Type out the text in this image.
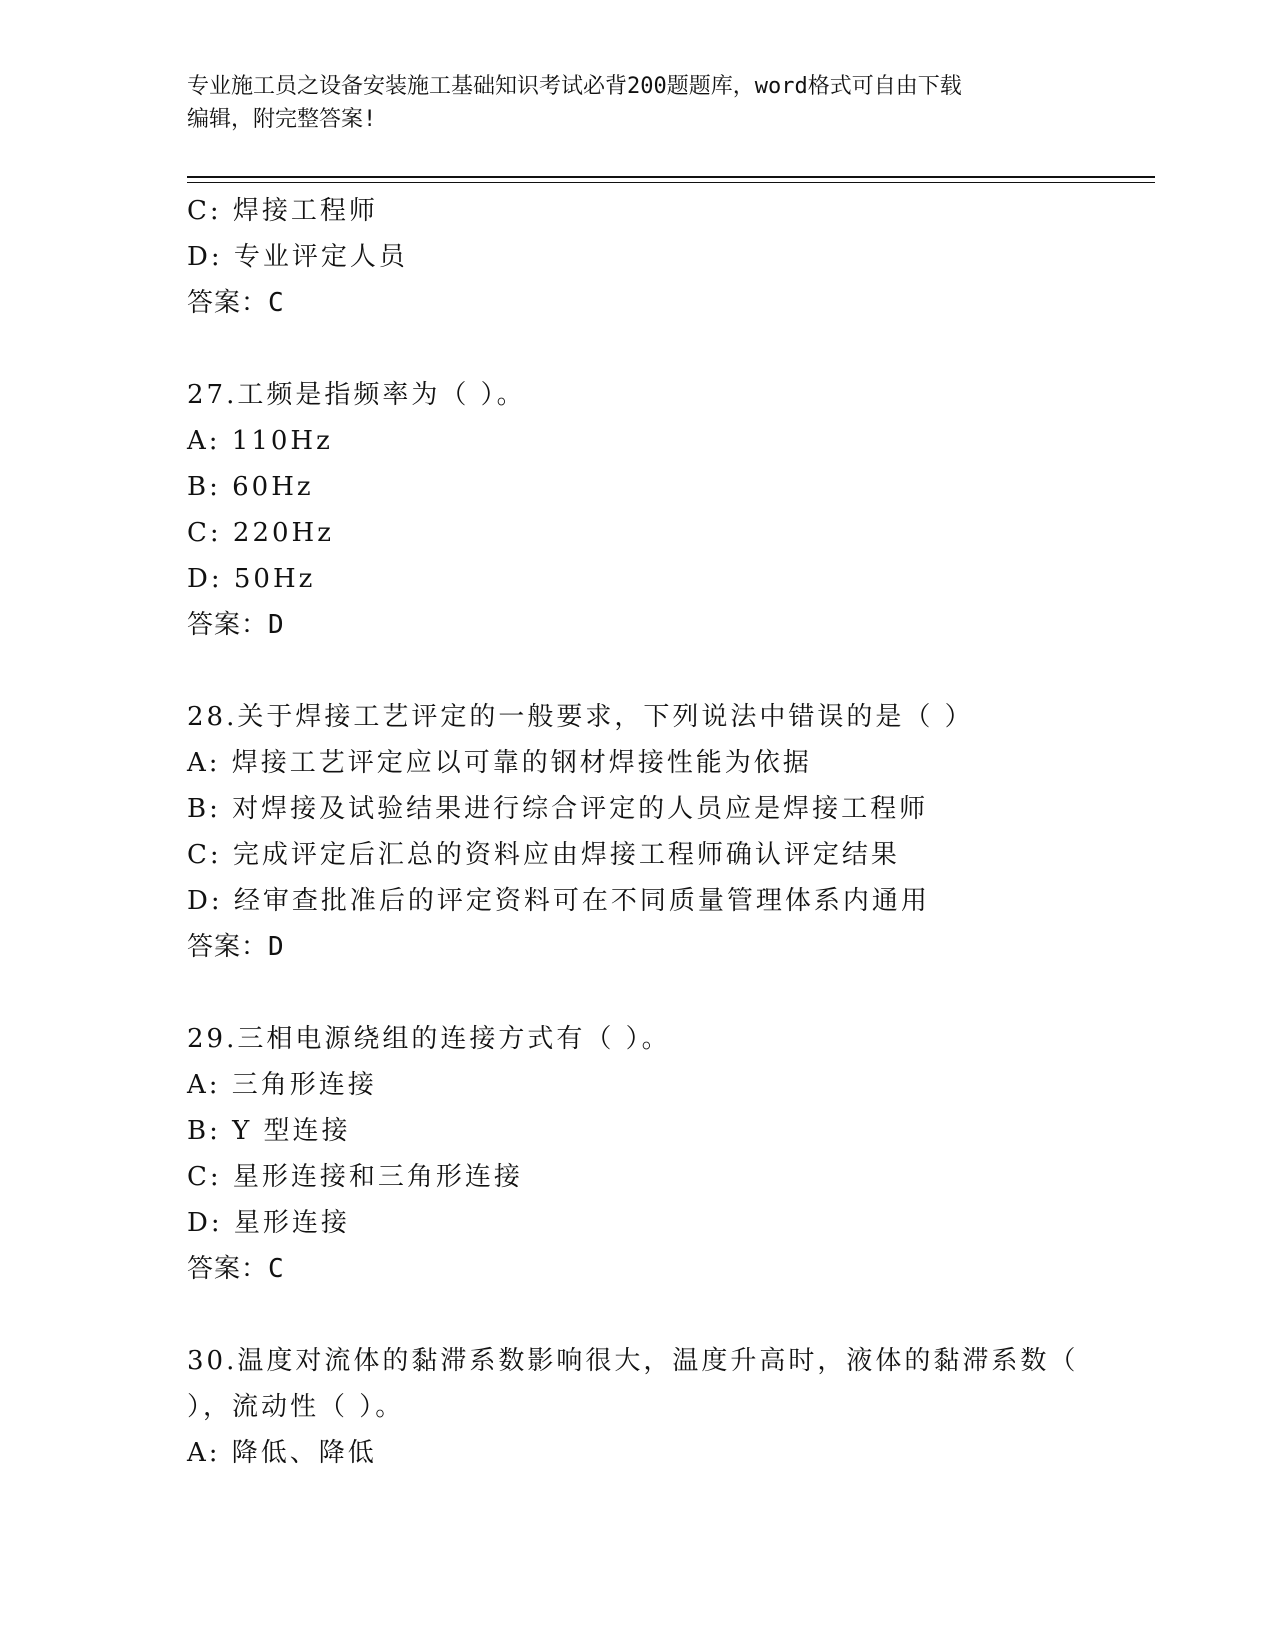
专业施工员之设备安装施工基础知识考试必背200题题库，word格式可自由下载
编辑，附完整答案!
C: 焊接工程师
D: 专业评定人员
答案：C
27.工频是指频率为（ ）。
A: 110Hz
B: 60Hz
C: 220Hz
D: 50Hz
答案：D
28.关于焊接工艺评定的一般要求，下列说法中错误的是（ ）
A: 焊接工艺评定应以可靠的钢材焊接性能为依据
B: 对焊接及试验结果进行综合评定的人员应是焊接工程师
C: 完成评定后汇总的资料应由焊接工程师确认评定结果
D: 经审查批准后的评定资料可在不同质量管理体系内通用
答案：D
29.三相电源绕组的连接方式有（ ）。
A: 三角形连接
B: Y 型连接
C: 星形连接和三角形连接
D: 星形连接
答案：C
30.温度对流体的黏滞系数影响很大，温度升高时，液体的黏滞系数（
），流动性（ ）。
A: 降低、降低
